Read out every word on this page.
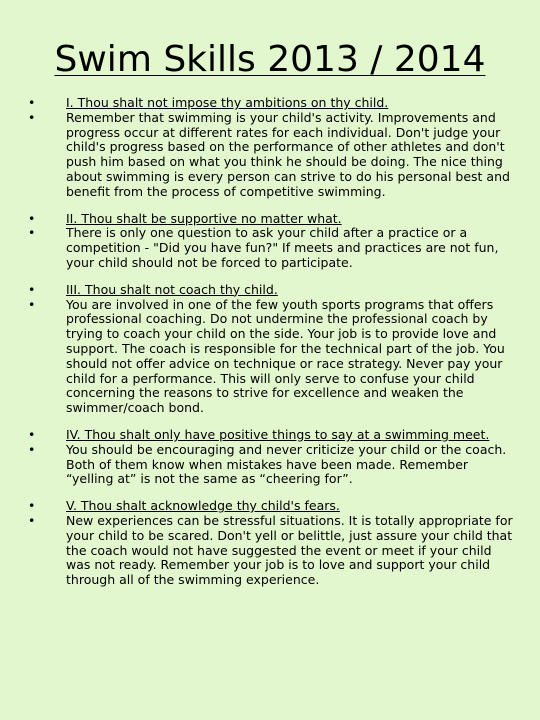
Swim Skills 2013 / 2014
•	I. Thou shalt not impose thy ambitions on thy child.
•	Remember that swimming is your child's activity. Improvements and progress occur at different rates for each individual. Don't judge your child's progress based on the performance of other athletes and don't push him based on what you think he should be doing. The nice thing about swimming is every person can strive to do his personal best and benefit from the process of competitive swimming.
•	II. Thou shalt be supportive no matter what.
•	There is only one question to ask your child after a practice or a competition - "Did you have fun?" If meets and practices are not fun, your child should not be forced to participate.
•	III. Thou shalt not coach thy child.
•	You are involved in one of the few youth sports programs that offers professional coaching. Do not undermine the professional coach by trying to coach your child on the side. Your job is to provide love and support. The coach is responsible for the technical part of the job. You should not offer advice on technique or race strategy. Never pay your child for a performance. This will only serve to confuse your child concerning the reasons to strive for excellence and weaken the swimmer/coach bond.
•	IV. Thou shalt only have positive things to say at a swimming meet.
•	You should be encouraging and never criticize your child or the coach. Both of them know when mistakes have been made. Remember “yelling at” is not the same as “cheering for”.
•	V. Thou shalt acknowledge thy child's fears.
•	New experiences can be stressful situations. It is totally appropriate for your child to be scared. Don't yell or belittle, just assure your child that the coach would not have suggested the event or meet if your child was not ready. Remember your job is to love and support your child through all of the swimming experience.
